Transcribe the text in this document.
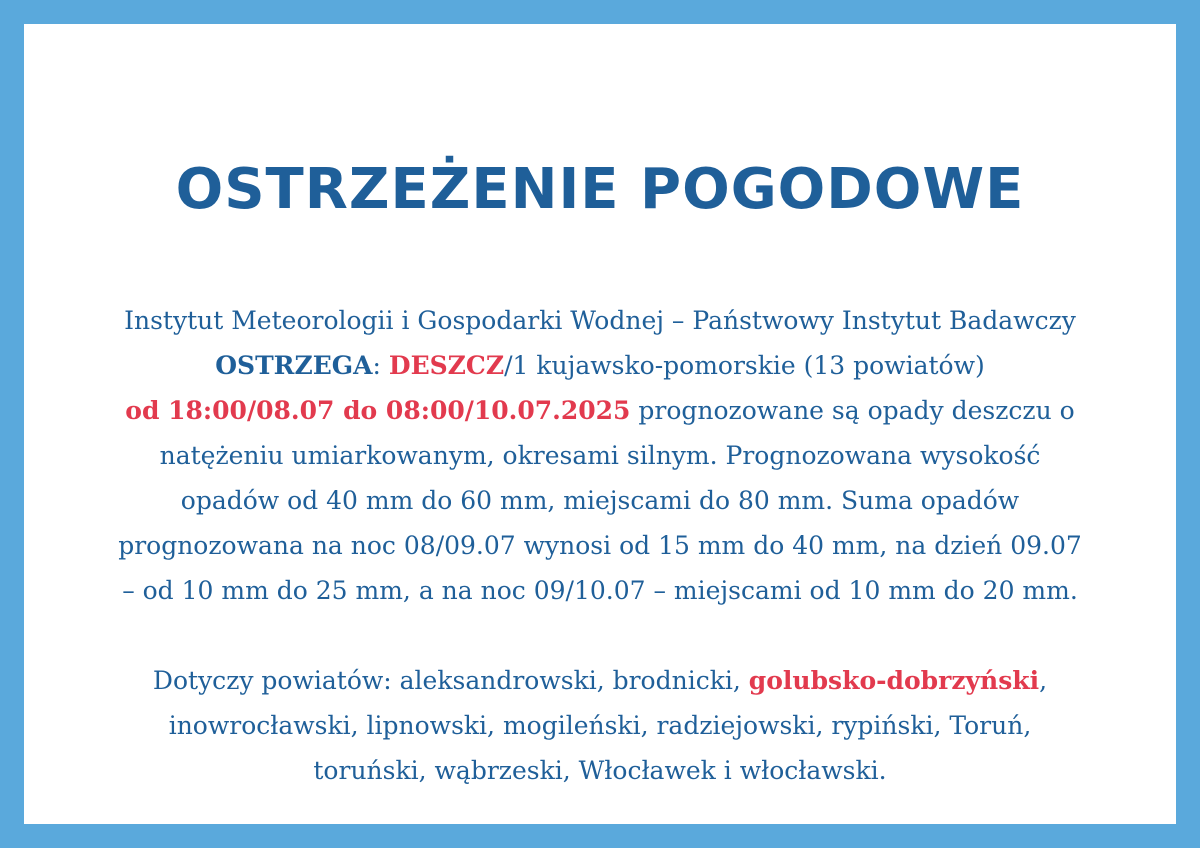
OSTRZEŻENIE POGODOWE
Instytut Meteorologii i Gospodarki Wodnej – Państwowy Instytut Badawczy
OSTRZEGA: DESZCZ/1 kujawsko-pomorskie (13 powiatów)
od 18:00/08.07 do 08:00/10.07.2025 prognozowane są opady deszczu o
natężeniu umiarkowanym, okresami silnym. Prognozowana wysokość
opadów od 40 mm do 60 mm, miejscami do 80 mm. Suma opadów
prognozowana na noc 08/09.07 wynosi od 15 mm do 40 mm, na dzień 09.07
– od 10 mm do 25 mm, a na noc 09/10.07 – miejscami od 10 mm do 20 mm.
Dotyczy powiatów: aleksandrowski, brodnicki, golubsko-dobrzyński,
inowrocławski, lipnowski, mogileński, radziejowski, rypiński, Toruń,
toruński, wąbrzeski, Włocławek i włocławski.
